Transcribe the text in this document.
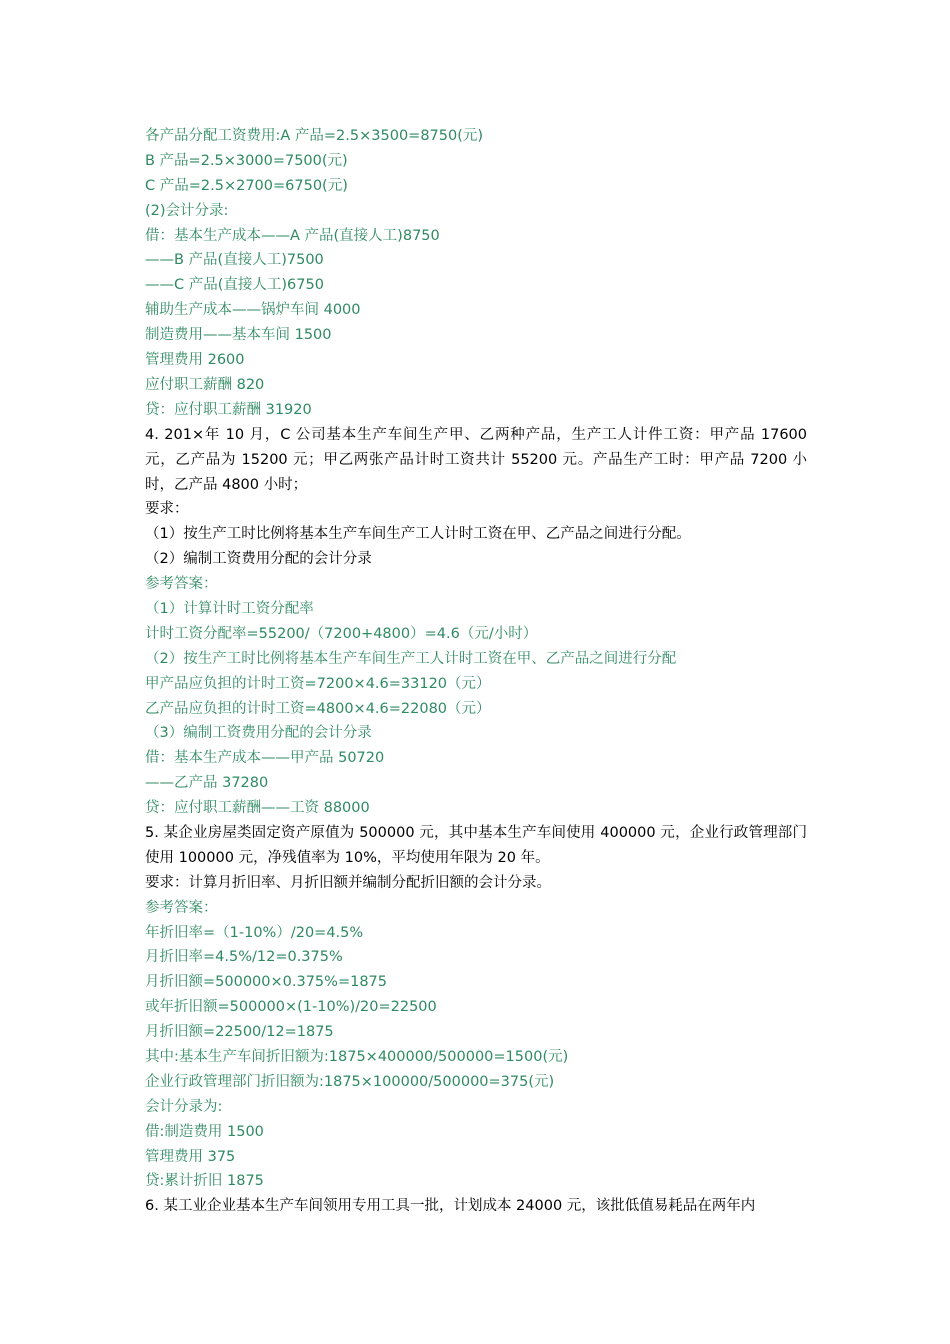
各产品分配工资费用:A 产品=2.5×3500=8750(元)
B 产品=2.5×3000=7500(元)
C 产品=2.5×2700=6750(元)
(2)会计分录:
借：基本生产成本——A 产品(直接人工)8750
——B 产品(直接人工)7500
——C 产品(直接人工)6750
辅助生产成本——锅炉车间 4000
制造费用——基本车间 1500
管理费用 2600
应付职工薪酬 820
贷：应付职工薪酬 31920
4. 201×年 10 月，C 公司基本生产车间生产甲、乙两种产品，生产工人计件工资：甲产品 17600 元，乙产品为 15200 元；甲乙两张产品计时工资共计 55200 元。产品生产工时：甲产品 7200 小时，乙产品 4800 小时；
要求：
（1）按生产工时比例将基本生产车间生产工人计时工资在甲、乙产品之间进行分配。
（2）编制工资费用分配的会计分录
参考答案：
（1）计算计时工资分配率
计时工资分配率=55200/（7200+4800）=4.6（元/小时）
（2）按生产工时比例将基本生产车间生产工人计时工资在甲、乙产品之间进行分配
甲产品应负担的计时工资=7200×4.6=33120（元）
乙产品应负担的计时工资=4800×4.6=22080（元）
（3）编制工资费用分配的会计分录
借：基本生产成本——甲产品 50720
——乙产品 37280
贷：应付职工薪酬——工资 88000
5. 某企业房屋类固定资产原值为 500000 元，其中基本生产车间使用 400000 元，企业行政管理部门使用 100000 元，净残值率为 10%，平均使用年限为 20 年。
要求：计算月折旧率、月折旧额并编制分配折旧额的会计分录。
参考答案：
年折旧率=（1-10%）/20=4.5%
月折旧率=4.5%/12=0.375%
月折旧额=500000×0.375%=1875
或年折旧额=500000×(1-10%)/20=22500
月折旧额=22500/12=1875
其中:基本生产车间折旧额为:1875×400000/500000=1500(元)
企业行政管理部门折旧额为:1875×100000/500000=375(元)
会计分录为:
借:制造费用 1500
管理费用 375
贷:累计折旧 1875
6. 某工业企业基本生产车间领用专用工具一批，计划成本 24000 元，该批低值易耗品在两年内
